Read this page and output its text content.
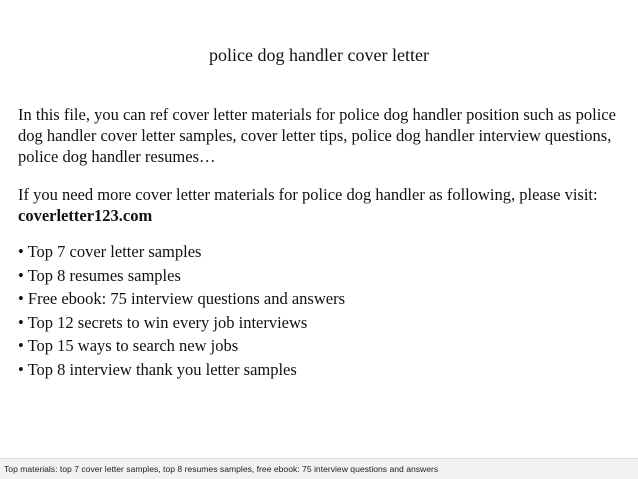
police dog handler cover letter
In this file, you can ref cover letter materials for police dog handler position such as police dog handler cover letter samples, cover letter tips, police dog handler interview questions, police dog handler resumes…
If you need more cover letter materials for police dog handler as following, please visit: coverletter123.com
• Top 7 cover letter samples
• Top 8 resumes samples
• Free ebook: 75 interview questions and answers
• Top 12 secrets to win every job interviews
• Top 15 ways to search new jobs
• Top 8 interview thank you letter samples
Top materials: top 7 cover letter samples, top 8 resumes samples, free ebook: 75 interview questions and answers
